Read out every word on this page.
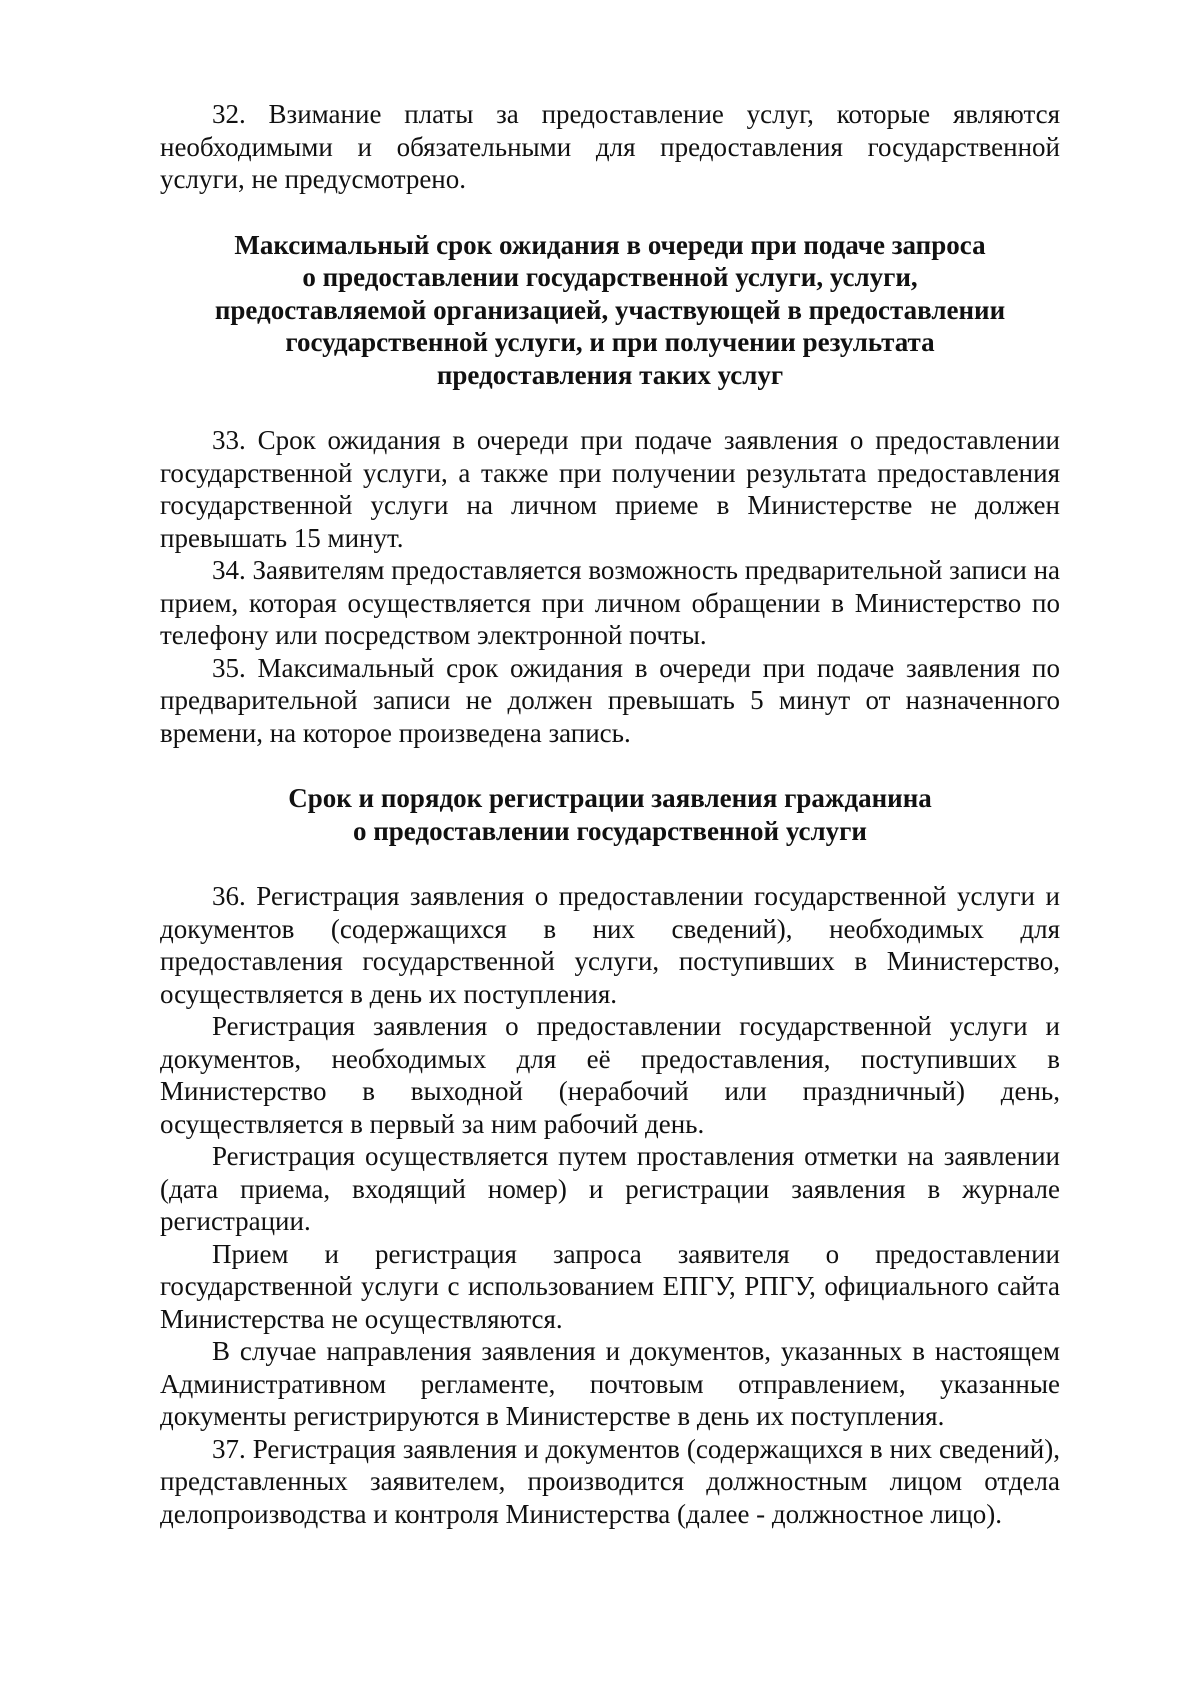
32. Взимание платы за предоставление услуг, которые являются необходимыми и обязательными для предоставления государственной услуги, не предусмотрено.

Максимальный срок ожидания в очереди при подаче запроса
о предоставлении государственной услуги, услуги,
предоставляемой организацией, участвующей в предоставлении
государственной услуги, и при получении результата
предоставления таких услуг

33. Срок ожидания в очереди при подаче заявления о предоставлении государственной услуги, а также при получении результата предоставления государственной услуги на личном приеме в Министерстве не должен превышать 15 минут.

34. Заявителям предоставляется возможность предварительной записи на прием, которая осуществляется при личном обращении в Министерство по телефону или посредством электронной почты.

35. Максимальный срок ожидания в очереди при подаче заявления по предварительной записи не должен превышать 5 минут от назначенного времени, на которое произведена запись.

Срок и порядок регистрации заявления гражданина
о предоставлении государственной услуги

36. Регистрация заявления о предоставлении государственной услуги и документов (содержащихся в них сведений), необходимых для предоставления государственной услуги, поступивших в Министерство, осуществляется в день их поступления.

Регистрация заявления о предоставлении государственной услуги и документов, необходимых для её предоставления, поступивших в Министерство в выходной (нерабочий или праздничный) день, осуществляется в первый за ним рабочий день.

Регистрация осуществляется путем проставления отметки на заявлении (дата приема, входящий номер) и регистрации заявления в журнале регистрации.

Прием и регистрация запроса заявителя о предоставлении государственной услуги с использованием ЕПГУ, РПГУ, официального сайта Министерства не осуществляются.

В случае направления заявления и документов, указанных в настоящем Административном регламенте, почтовым отправлением, указанные документы регистрируются в Министерстве в день их поступления.

37. Регистрация заявления и документов (содержащихся в них сведений), представленных заявителем, производится должностным лицом отдела делопроизводства и контроля Министерства (далее - должностное лицо).
